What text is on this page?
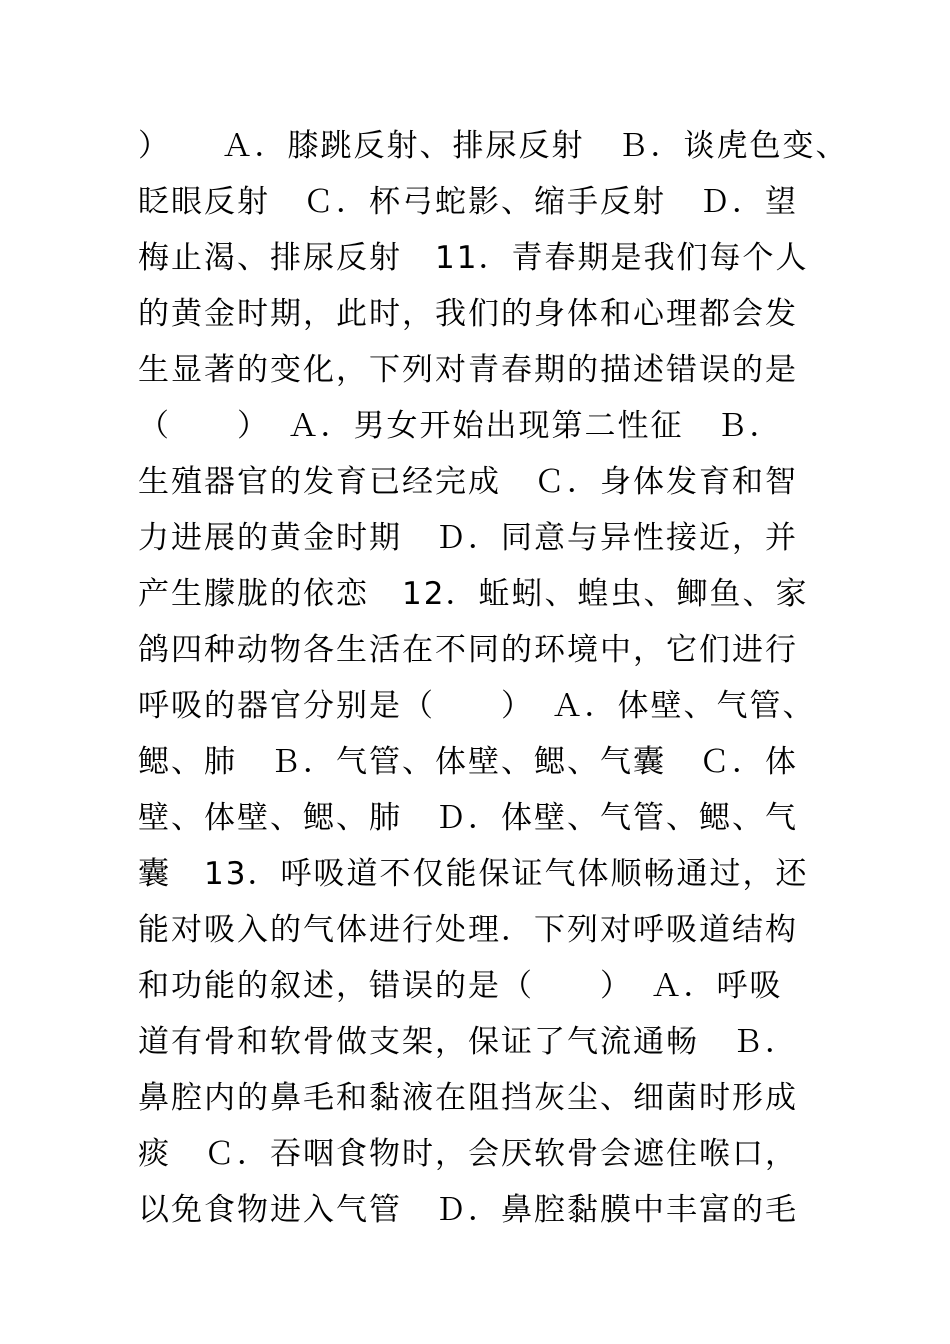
）　　Ａ．膝跳反射、排尿反射　Ｂ．谈虎色变、
眨眼反射　Ｃ．杯弓蛇影、缩手反射　Ｄ．望
梅止渴、排尿反射　11．青春期是我们每个人
的黄金时期，此时，我们的身体和心理都会发
生显著的变化，下列对青春期的描述错误的是
（　　）　Ａ．男女开始出现第二性征　Ｂ．
生殖器官的发育已经完成　Ｃ．身体发育和智
力进展的黄金时期　Ｄ．同意与异性接近，并
产生朦胧的依恋　12．蚯蚓、蝗虫、鲫鱼、家
鸽四种动物各生活在不同的环境中，它们进行
呼吸的器官分别是（　　）　Ａ．体壁、气管、
鳃、肺　Ｂ．气管、体壁、鳃、气囊　Ｃ．体
壁、体壁、鳃、肺　Ｄ．体壁、气管、鳃、气
囊　13．呼吸道不仅能保证气体顺畅通过，还
能对吸入的气体进行处理．下列对呼吸道结构
和功能的叙述，错误的是（　　）　Ａ．呼吸
道有骨和软骨做支架，保证了气流通畅　Ｂ．
鼻腔内的鼻毛和黏液在阻挡灰尘、细菌时形成
痰　Ｃ．吞咽食物时，会厌软骨会遮住喉口，
以免食物进入气管　Ｄ．鼻腔黏膜中丰富的毛
